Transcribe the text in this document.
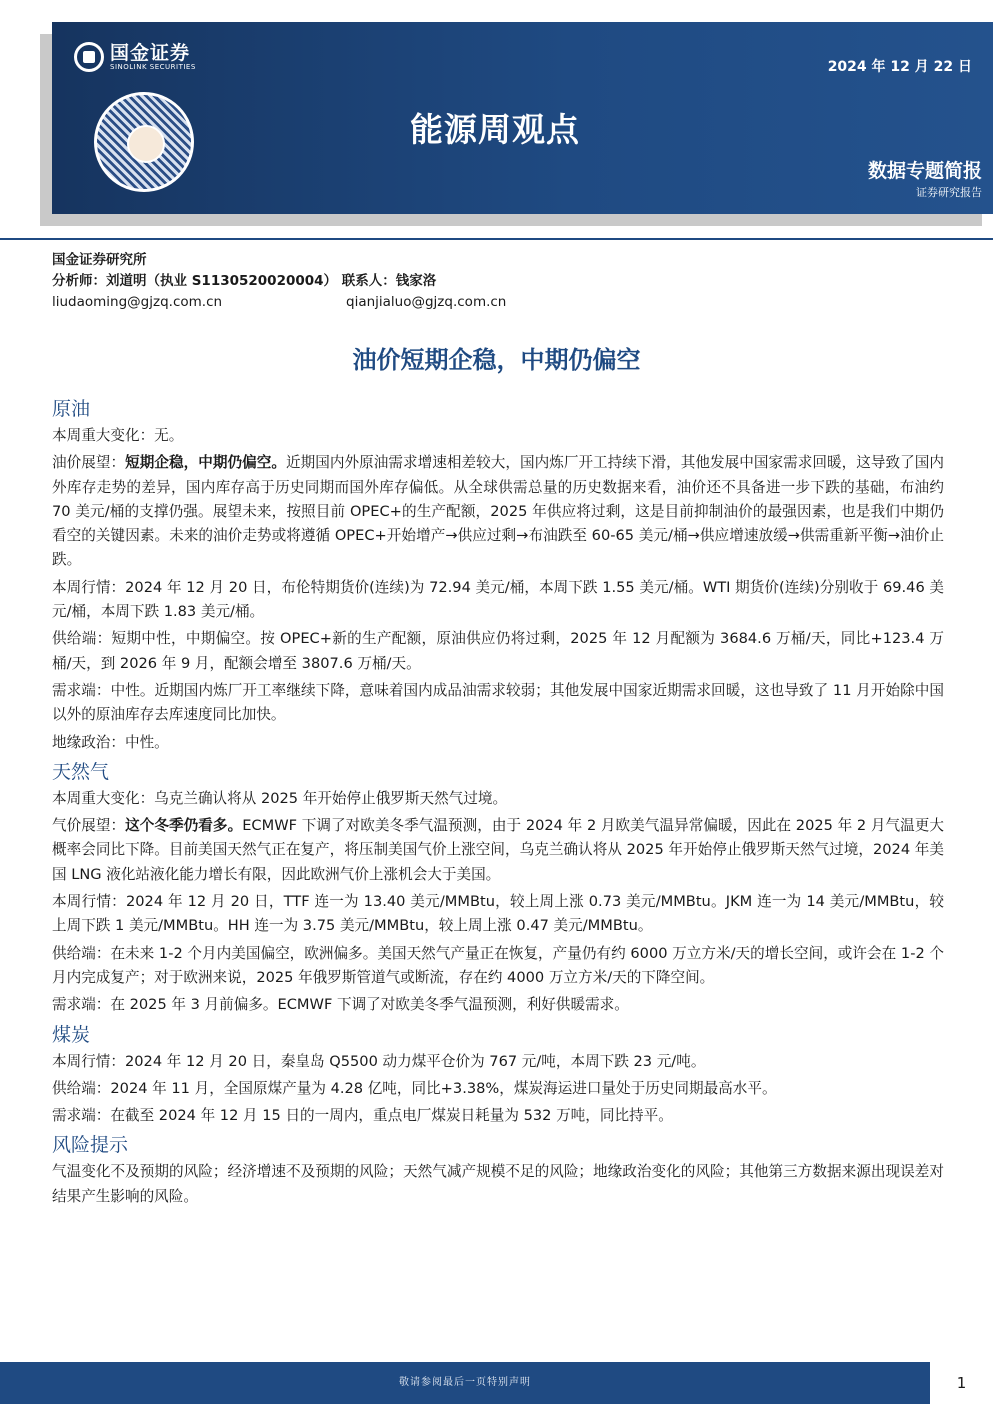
国金证券
SINOLINK SECURITIES	2024 年 12 月 22 日
能源周观点
数据专题简报
证券研究报告
国金证券研究所
分析师：刘道明（执业 S1130520020004） 联系人：钱家洛
liudaoming@gjzq.com.cn	qianjialuo@gjzq.com.cn
油价短期企稳，中期仍偏空
原油
本周重大变化：无。
油价展望：短期企稳，中期仍偏空。近期国内外原油需求增速相差较大，国内炼厂开工持续下滑，其他发展中国家需求回暖，这导致了国内外库存走势的差异，国内库存高于历史同期而国外库存偏低。从全球供需总量的历史数据来看，油价还不具备进一步下跌的基础，布油约 70 美元/桶的支撑仍强。展望未来，按照目前 OPEC+的生产配额，2025 年供应将过剩，这是目前抑制油价的最强因素，也是我们中期仍看空的关键因素。未来的油价走势或将遵循 OPEC+开始增产→供应过剩→布油跌至 60-65 美元/桶→供应增速放缓→供需重新平衡→油价止跌。
本周行情：2024 年 12 月 20 日，布伦特期货价(连续)为 72.94 美元/桶，本周下跌 1.55 美元/桶。WTI 期货价(连续)分别收于 69.46 美元/桶，本周下跌 1.83 美元/桶。
供给端：短期中性，中期偏空。按 OPEC+新的生产配额，原油供应仍将过剩，2025 年 12 月配额为 3684.6 万桶/天，同比+123.4 万桶/天，到 2026 年 9 月，配额会增至 3807.6 万桶/天。
需求端：中性。近期国内炼厂开工率继续下降，意味着国内成品油需求较弱；其他发展中国家近期需求回暖，这也导致了 11 月开始除中国以外的原油库存去库速度同比加快。
地缘政治：中性。
天然气
本周重大变化：乌克兰确认将从 2025 年开始停止俄罗斯天然气过境。
气价展望：这个冬季仍看多。ECMWF 下调了对欧美冬季气温预测，由于 2024 年 2 月欧美气温异常偏暖，因此在 2025 年 2 月气温更大概率会同比下降。目前美国天然气正在复产，将压制美国气价上涨空间，乌克兰确认将从 2025 年开始停止俄罗斯天然气过境，2024 年美国 LNG 液化站液化能力增长有限，因此欧洲气价上涨机会大于美国。
本周行情：2024 年 12 月 20 日，TTF 连一为 13.40 美元/MMBtu，较上周上涨 0.73 美元/MMBtu。JKM 连一为 14 美元/MMBtu，较上周下跌 1 美元/MMBtu。HH 连一为 3.75 美元/MMBtu，较上周上涨 0.47 美元/MMBtu。
供给端：在未来 1-2 个月内美国偏空，欧洲偏多。美国天然气产量正在恢复，产量仍有约 6000 万立方米/天的增长空间，或许会在 1-2 个月内完成复产；对于欧洲来说，2025 年俄罗斯管道气或断流，存在约 4000 万立方米/天的下降空间。
需求端：在 2025 年 3 月前偏多。ECMWF 下调了对欧美冬季气温预测，利好供暖需求。
煤炭
本周行情：2024 年 12 月 20 日，秦皇岛 Q5500 动力煤平仓价为 767 元/吨，本周下跌 23 元/吨。
供给端：2024 年 11 月，全国原煤产量为 4.28 亿吨，同比+3.38%，煤炭海运进口量处于历史同期最高水平。
需求端：在截至 2024 年 12 月 15 日的一周内，重点电厂煤炭日耗量为 532 万吨，同比持平。
风险提示
气温变化不及预期的风险；经济增速不及预期的风险；天然气减产规模不足的风险；地缘政治变化的风险；其他第三方数据来源出现误差对结果产生影响的风险。
敬请参阅最后一页特别声明	1
